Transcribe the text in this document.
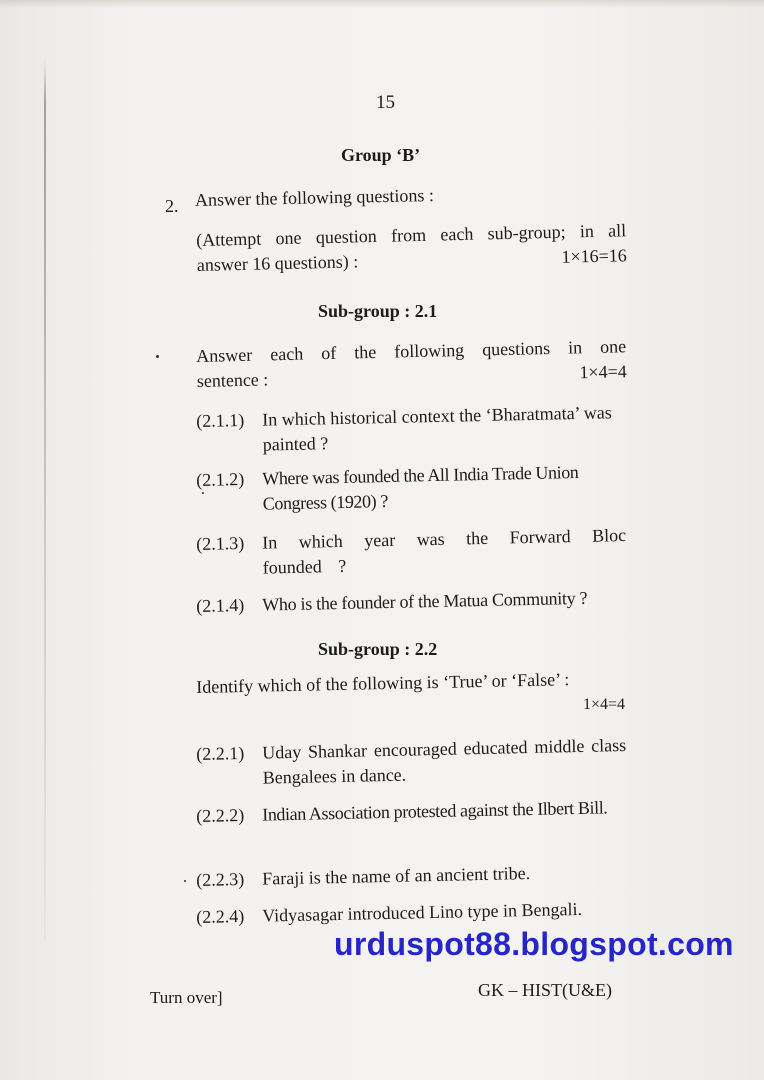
15
Group ‘B’
2. Answer the following questions :
(Attempt one question from each sub-group; in all
answer 16 questions) :	1×16=16
Sub-group : 2.1
Answer each of the following questions in one
sentence :	1×4=4
(2.1.1) In which historical context the ‘Bharatmata’ was painted ?
(2.1.2) Where was founded the All India Trade Union Congress (1920) ?
(2.1.3) In which year was the Forward Bloc founded ?
(2.1.4) Who is the founder of the Matua Community ?
Sub-group : 2.2
Identify which of the following is ‘True’ or ‘False’ :
1×4=4
(2.2.1) Uday Shankar encouraged educated middle class Bengalees in dance.
(2.2.2) Indian Association protested against the Ilbert Bill.
(2.2.3) Faraji is the name of an ancient tribe.
(2.2.4) Vidyasagar introduced Lino type in Bengali.
urduspot88.blogspot.com
Turn over]	GK – HIST(U&E)
